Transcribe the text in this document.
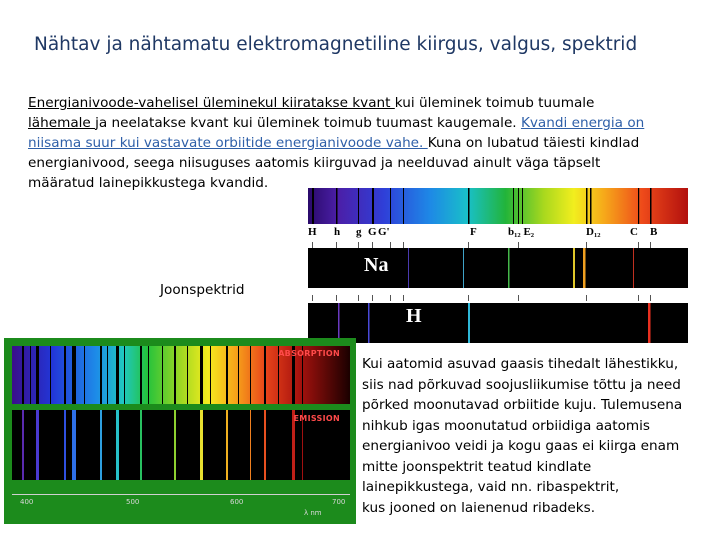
Nähtav ja nähtamatu elektromagnetiline kiirgus, valgus, spektrid
Energianivoode-vahelisel üleminekul kiiratakse kvant kui üleminek toimub tuumale
lähemale ja neelatakse kvant kui üleminek toimub tuumast kaugemale. Kvandi energia on
niisama suur kui vastavate orbiitide energianivoode vahe. Kuna on lubatud täiesti kindlad
energianivood, seega niisuguses aatomis kiirguvad ja neelduvad ainult väga täpselt
määratud lainepikkustega kvandid.
Joonspektrid
H h g G G'	F	b₁₂ E₂	D₁₂	C B
Na
H
ABSORPTION
EMISSION
400	500	600	700
λ nm
Kui aatomid asuvad gaasis tihedalt lähestikku,
siis nad põrkuvad soojusliikumise tõttu ja need
põrked moonutavad orbiitide kuju. Tulemusena
nihkub igas moonutatud orbiidiga aatomis
energianivoo veidi ja kogu gaas ei kiirga enam
mitte joonspektrit teatud kindlate
lainepikkustega, vaid nn. ribaspektrit,
kus jooned on laienenud ribadeks.
